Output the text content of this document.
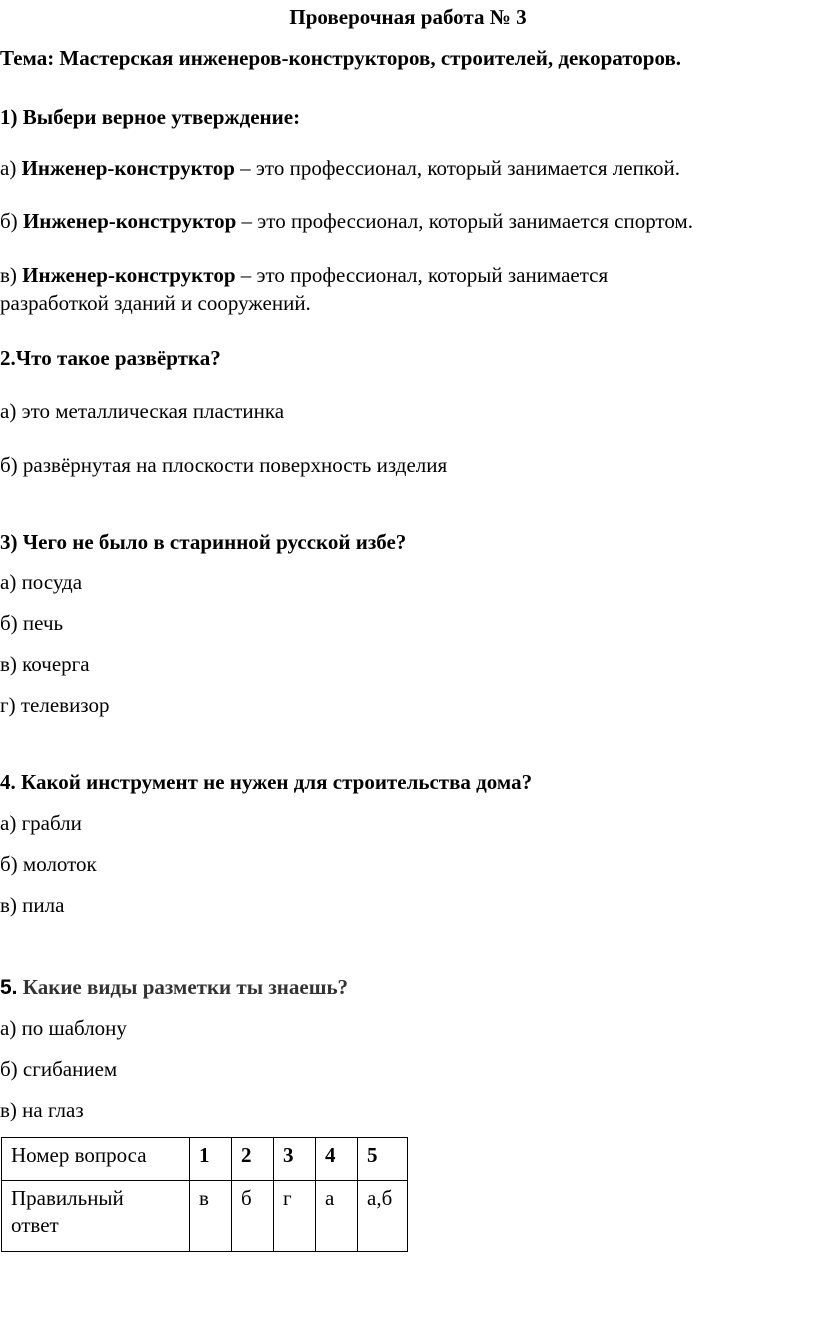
Проверочная работа № 3
Тема: Мастерская инженеров-конструкторов, строителей, декораторов.
1) Выбери верное утверждение:
а) Инженер-конструктор – это профессионал, который занимается лепкой.
б) Инженер-конструктор – это профессионал, который занимается спортом.
в) Инженер-конструктор – это профессионал, который занимается
разработкой зданий и сооружений.
2.Что такое развёртка?
а) это металлическая пластинка
б) развёрнутая на плоскости поверхность изделия
3) Чего не было в старинной русской избе?
а) посуда
б) печь
в) кочерга
г) телевизор
4. Какой инструмент не нужен для строительства дома?
а) грабли
б) молоток
в) пила
5. Какие виды разметки ты знаешь?
а) по шаблону
б) сгибанием
в) на глаз
Номер вопроса	1	2	3	4	5

Правильный
ответ	в	б	г	а	а,б
